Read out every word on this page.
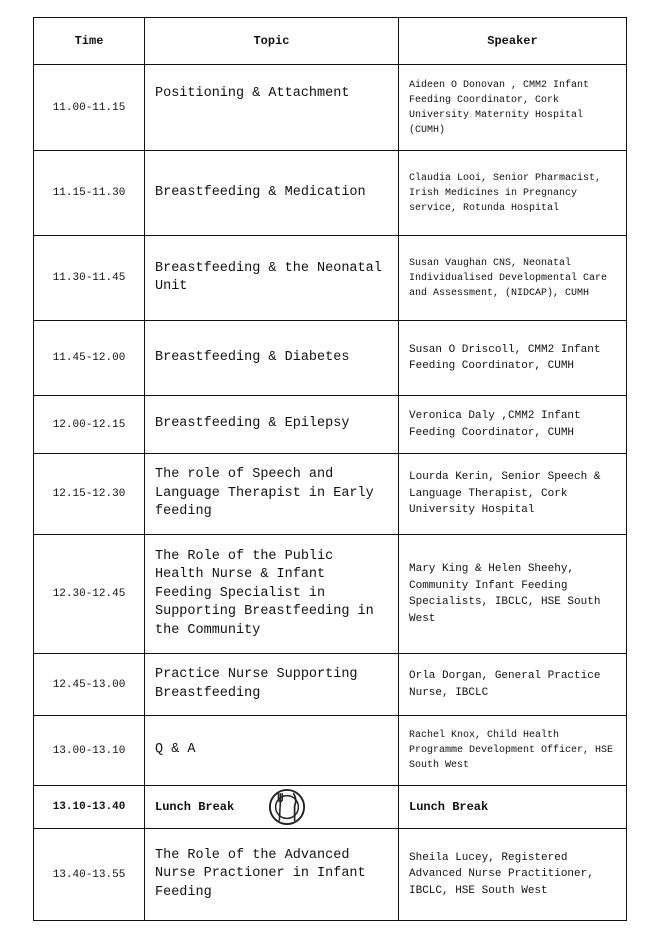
Time	Topic	Speaker
11.00-11.15	Positioning & Attachment	Aideen O Donovan , CMM2 Infant Feeding Coordinator, Cork University Maternity Hospital (CUMH)
11.15-11.30	Breastfeeding & Medication	Claudia Looi, Senior Pharmacist, Irish Medicines in Pregnancy service, Rotunda Hospital
11.30-11.45	Breastfeeding & the Neonatal Unit	Susan Vaughan CNS, Neonatal Individualised Developmental Care and Assessment, (NIDCAP), CUMH
11.45-12.00	Breastfeeding & Diabetes	Susan O Driscoll, CMM2 Infant Feeding Coordinator, CUMH
12.00-12.15	Breastfeeding & Epilepsy	Veronica Daly ,CMM2 Infant Feeding Coordinator, CUMH
12.15-12.30	The role of Speech and Language Therapist in Early feeding	Lourda Kerin, Senior Speech & Language Therapist, Cork University Hospital
12.30-12.45	The Role of the Public Health Nurse & Infant Feeding Specialist in Supporting Breastfeeding in the Community	Mary King & Helen Sheehy, Community Infant Feeding Specialists, IBCLC, HSE South West
12.45-13.00	Practice Nurse Supporting Breastfeeding	Orla Dorgan, General Practice Nurse, IBCLC
13.00-13.10	Q & A	Rachel Knox, Child Health Programme Development Officer, HSE South West
13.10-13.40	Lunch Break	Lunch Break
13.40-13.55	The Role of the Advanced Nurse Practioner in Infant Feeding	Sheila Lucey, Registered Advanced Nurse Practitioner, IBCLC, HSE South West
